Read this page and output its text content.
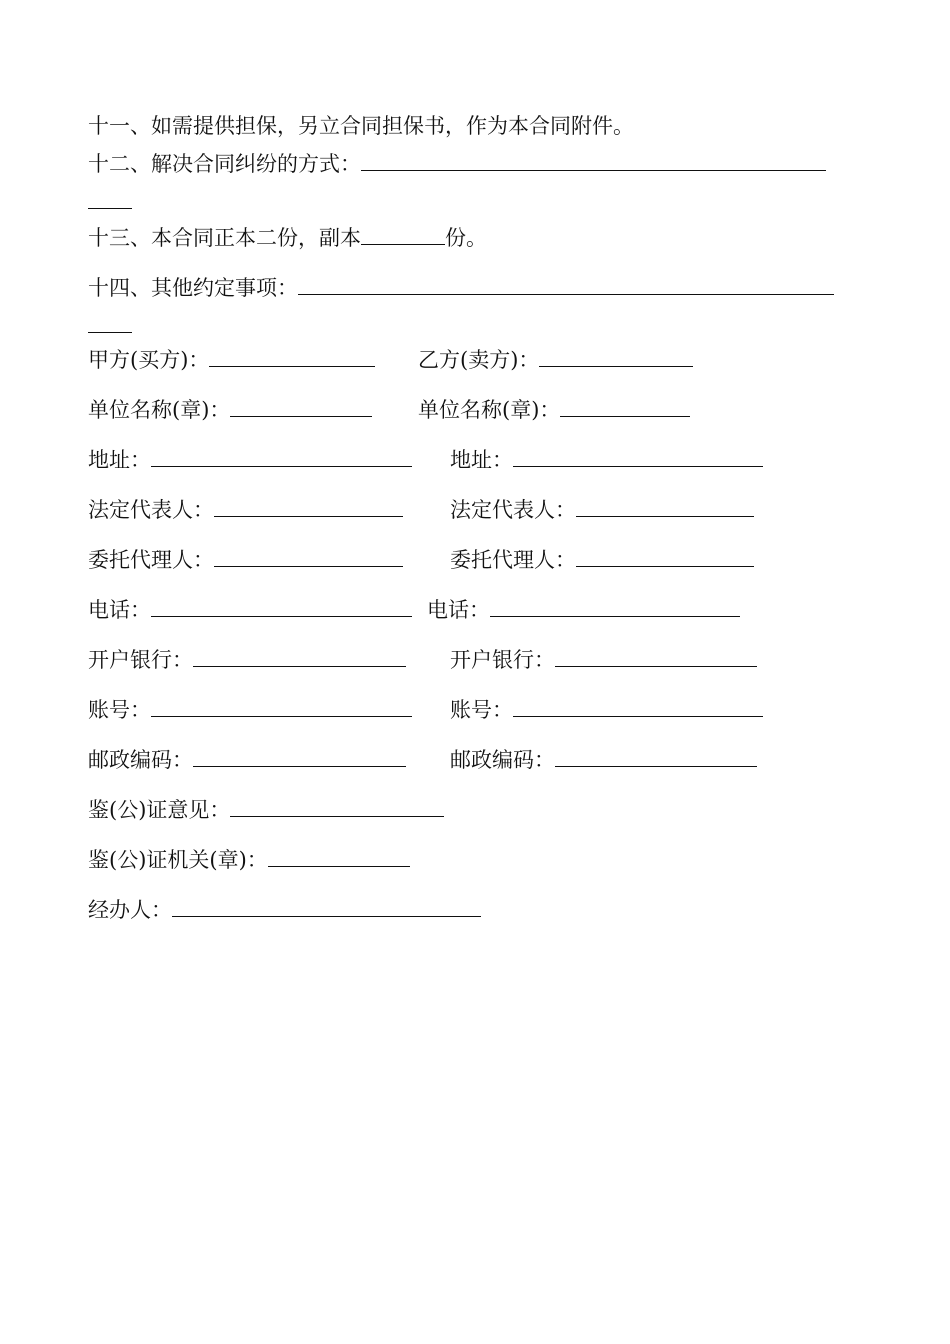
十一、如需提供担保，另立合同担保书，作为本合同附件。
十二、解决合同纠纷的方式：
十三、本合同正本二份，副本	份。
十四、其他约定事项：
甲方(买方)：	乙方(卖方)：
单位名称(章)：	单位名称(章)：
地址：	地址：
法定代表人：	法定代表人：
委托代理人：	委托代理人：
电话：	电话：
开户银行：	开户银行：
账号：	账号：
邮政编码：	邮政编码：
鉴(公)证意见：
鉴(公)证机关(章)：
经办人：
